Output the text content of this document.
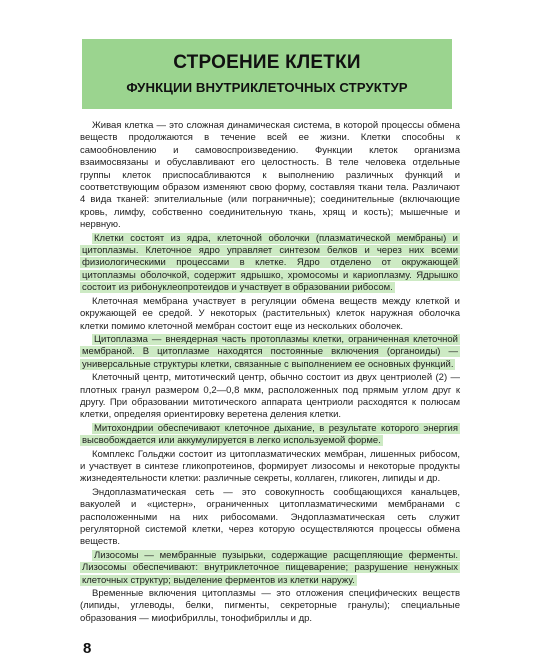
СТРОЕНИЕ КЛЕТКИ
ФУНКЦИИ ВНУТРИКЛЕТОЧНЫХ СТРУКТУР

Живая клетка — это сложная динамическая система, в которой процессы обмена веществ продолжаются в течение всей ее жизни. Клетки способны к самообновлению и самовоспроизведению. Функции клеток организма взаимосвязаны и обуславливают его целостность. В теле человека отдельные группы клеток приспосабливаются к выполнению различных функций и соответствующим образом изменяют свою форму, составляя ткани тела. Различают 4 вида тканей: эпителиальные (или пограничные); соединительные (включающие кровь, лимфу, собственно соединительную ткань, хрящ и кость); мышечные и нервную.

Клетки состоят из ядра, клеточной оболочки (плазматической мембраны) и цитоплазмы. Клеточное ядро управляет синтезом белков и через них всеми физиологическими процессами в клетке. Ядро отделено от окружающей цитоплазмы оболочкой, содержит ядрышко, хромосомы и кариоплазму. Ядрышко состоит из рибонуклеопротеидов и участвует в образовании рибосом.

Клеточная мембрана участвует в регуляции обмена веществ между клеткой и окружающей ее средой. У некоторых (растительных) клеток наружная оболочка клетки помимо клеточной мембран состоит еще из нескольких оболочек.

Цитоплазма — внеядерная часть протоплазмы клетки, ограниченная клеточной мембраной. В цитоплазме находятся постоянные включения (органоиды) — универсальные структуры клетки, связанные с выполнением ее основных функций.

Клеточный центр, митотический центр, обычно состоит из двух центриолей (2) — плотных гранул размером 0,2—0,8 мкм, расположенных под прямым углом друг к другу. При образовании митотического аппарата центриоли расходятся к полюсам клетки, определяя ориентировку веретена деления клетки.

Митохондрии обеспечивают клеточное дыхание, в результате которого энергия высвобождается или аккумулируется в легко используемой форме.

Комплекс Гольджи состоит из цитоплазматических мембран, лишенных рибосом, и участвует в синтезе гликопротеинов, формирует лизосомы и некоторые продукты жизнедеятельности клетки: различные секреты, коллаген, гликоген, липиды и др.

Эндоплазматическая сеть — это совокупность сообщающихся канальцев, вакуолей и «цистерн», ограниченных цитоплазматическими мембранами с расположенными на них рибосомами. Эндоплазматическая сеть служит регуляторной системой клетки, через которую осуществляются процессы обмена веществ.

Лизосомы — мембранные пузырьки, содержащие расщепляющие ферменты. Лизосомы обеспечивают: внутриклеточное пищеварение; разрушение ненужных клеточных структур; выделение ферментов из клетки наружу.

Временные включения цитоплазмы — это отложения специфических веществ (липиды, углеводы, белки, пигменты, секреторные гранулы); специальные образования — миофибриллы, тонофибриллы и др.

8
